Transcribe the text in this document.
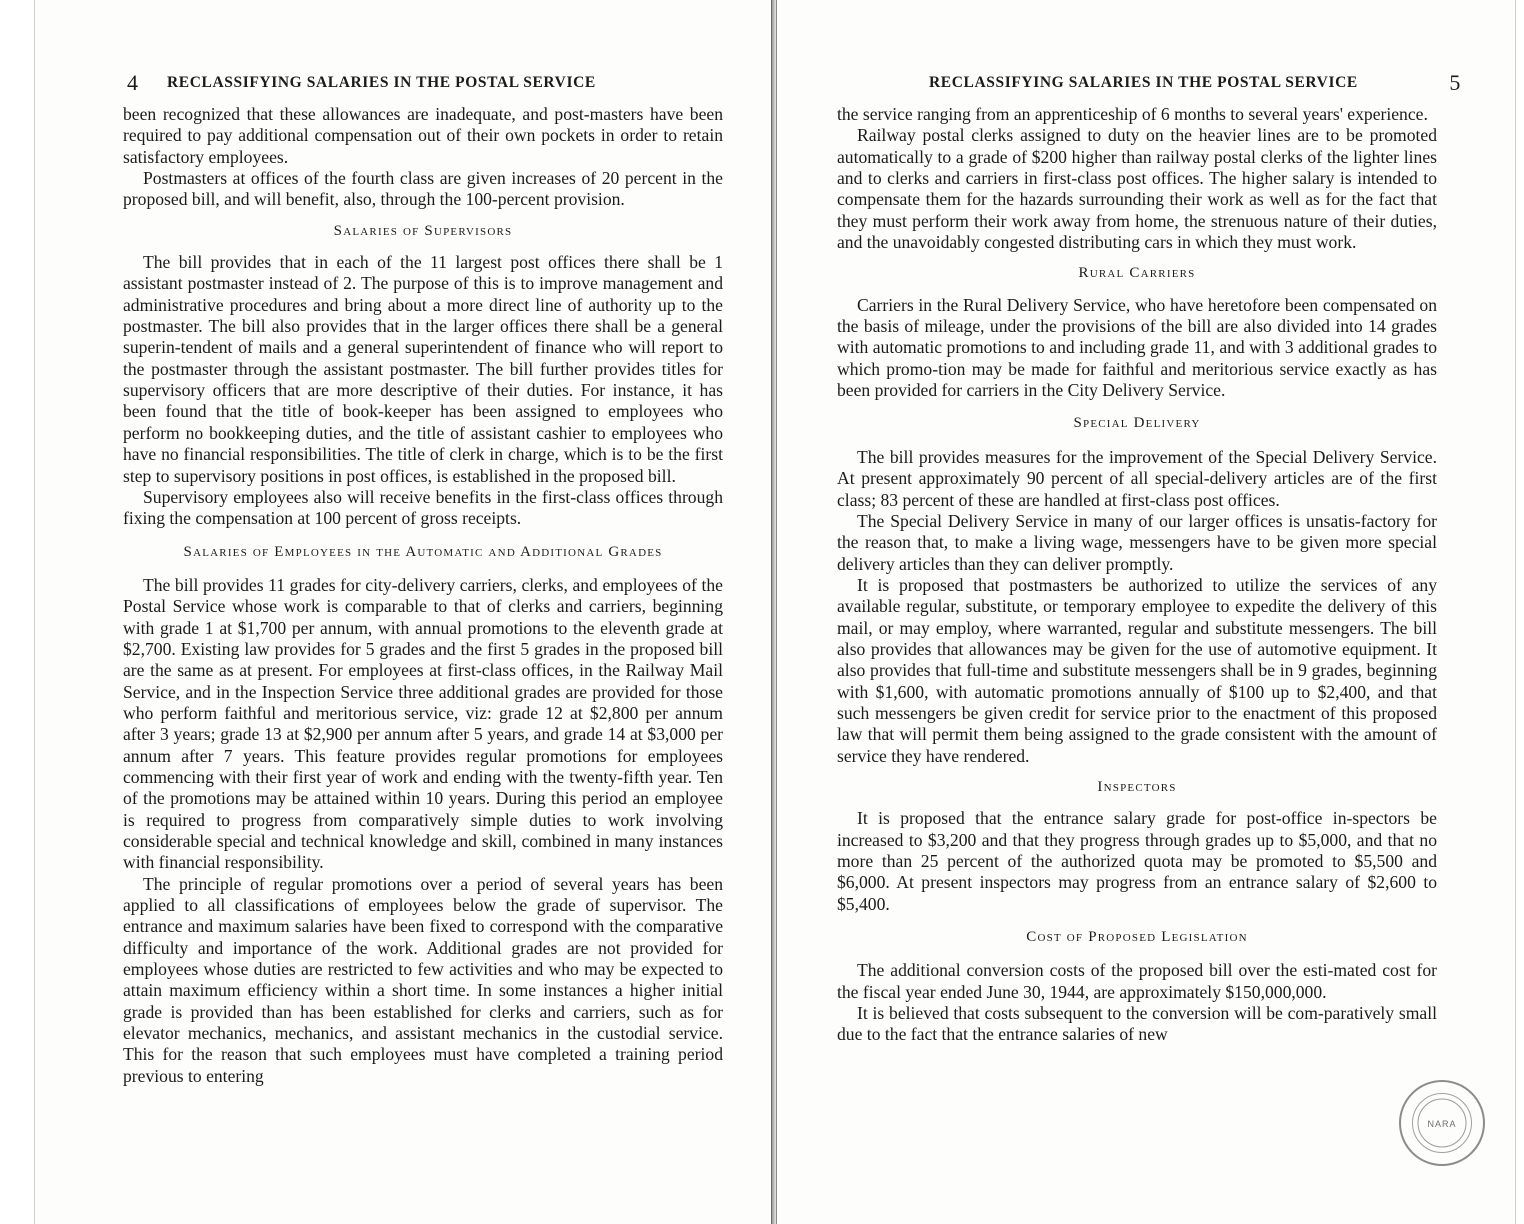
4 RECLASSIFYING SALARIES IN THE POSTAL SERVICE

been recognized that these allowances are inadequate, and post-masters have been required to pay additional compensation out of their own pockets in order to retain satisfactory employees.

Postmasters at offices of the fourth class are given increases of 20 percent in the proposed bill, and will benefit, also, through the 100-percent provision.

Salaries of Supervisors

The bill provides that in each of the 11 largest post offices there shall be 1 assistant postmaster instead of 2. The purpose of this is to improve management and administrative procedures and bring about a more direct line of authority up to the postmaster. The bill also provides that in the larger offices there shall be a general superin-tendent of mails and a general superintendent of finance who will report to the postmaster through the assistant postmaster. The bill further provides titles for supervisory officers that are more descriptive of their duties. For instance, it has been found that the title of book-keeper has been assigned to employees who perform no bookkeeping duties, and the title of assistant cashier to employees who have no financial responsibilities. The title of clerk in charge, which is to be the first step to supervisory positions in post offices, is established in the proposed bill.

Supervisory employees also will receive benefits in the first-class offices through fixing the compensation at 100 percent of gross receipts.

Salaries of Employees in the Automatic and Additional Grades

The bill provides 11 grades for city-delivery carriers, clerks, and employees of the Postal Service whose work is comparable to that of clerks and carriers, beginning with grade 1 at $1,700 per annum, with annual promotions to the eleventh grade at $2,700. Existing law provides for 5 grades and the first 5 grades in the proposed bill are the same as at present. For employees at first-class offices, in the Railway Mail Service, and in the Inspection Service three additional grades are provided for those who perform faithful and meritorious service, viz: grade 12 at $2,800 per annum after 3 years; grade 13 at $2,900 per annum after 5 years, and grade 14 at $3,000 per annum after 7 years. This feature provides regular promotions for employees commencing with their first year of work and ending with the twenty-fifth year. Ten of the promotions may be attained within 10 years. During this period an employee is required to progress from comparatively simple duties to work involving considerable special and technical knowledge and skill, combined in many instances with financial responsibility.

The principle of regular promotions over a period of several years has been applied to all classifications of employees below the grade of supervisor. The entrance and maximum salaries have been fixed to correspond with the comparative difficulty and importance of the work. Additional grades are not provided for employees whose duties are restricted to few activities and who may be expected to attain maximum efficiency within a short time. In some instances a higher initial grade is provided than has been established for clerks and carriers, such as for elevator mechanics, mechanics, and assistant mechanics in the custodial service. This for the reason that such employees must have completed a training period previous to entering

RECLASSIFYING SALARIES IN THE POSTAL SERVICE	5

the service ranging from an apprenticeship of 6 months to several years' experience.

Railway postal clerks assigned to duty on the heavier lines are to be promoted automatically to a grade of $200 higher than railway postal clerks of the lighter lines and to clerks and carriers in first-class post offices. The higher salary is intended to compensate them for the hazards surrounding their work as well as for the fact that they must perform their work away from home, the strenuous nature of their duties, and the unavoidably congested distributing cars in which they must work.

Rural Carriers

Carriers in the Rural Delivery Service, who have heretofore been compensated on the basis of mileage, under the provisions of the bill are also divided into 14 grades with automatic promotions to and including grade 11, and with 3 additional grades to which promo-tion may be made for faithful and meritorious service exactly as has been provided for carriers in the City Delivery Service.

Special Delivery

The bill provides measures for the improvement of the Special Delivery Service. At present approximately 90 percent of all special-delivery articles are of the first class; 83 percent of these are handled at first-class post offices.

The Special Delivery Service in many of our larger offices is unsatis-factory for the reason that, to make a living wage, messengers have to be given more special delivery articles than they can deliver promptly.

It is proposed that postmasters be authorized to utilize the services of any available regular, substitute, or temporary employee to expedite the delivery of this mail, or may employ, where warranted, regular and substitute messengers. The bill also provides that allowances may be given for the use of automotive equipment. It also provides that full-time and substitute messengers shall be in 9 grades, beginning with $1,600, with automatic promotions annually of $100 up to $2,400, and that such messengers be given credit for service prior to the enactment of this proposed law that will permit them being assigned to the grade consistent with the amount of service they have rendered.

Inspectors

It is proposed that the entrance salary grade for post-office in-spectors be increased to $3,200 and that they progress through grades up to $5,000, and that no more than 25 percent of the authorized quota may be promoted to $5,500 and $6,000. At present inspectors may progress from an entrance salary of $2,600 to $5,400.

Cost of Proposed Legislation

The additional conversion costs of the proposed bill over the esti-mated cost for the fiscal year ended June 30, 1944, are approximately $150,000,000.

It is believed that costs subsequent to the conversion will be com-paratively small due to the fact that the entrance salaries of new

NARA
